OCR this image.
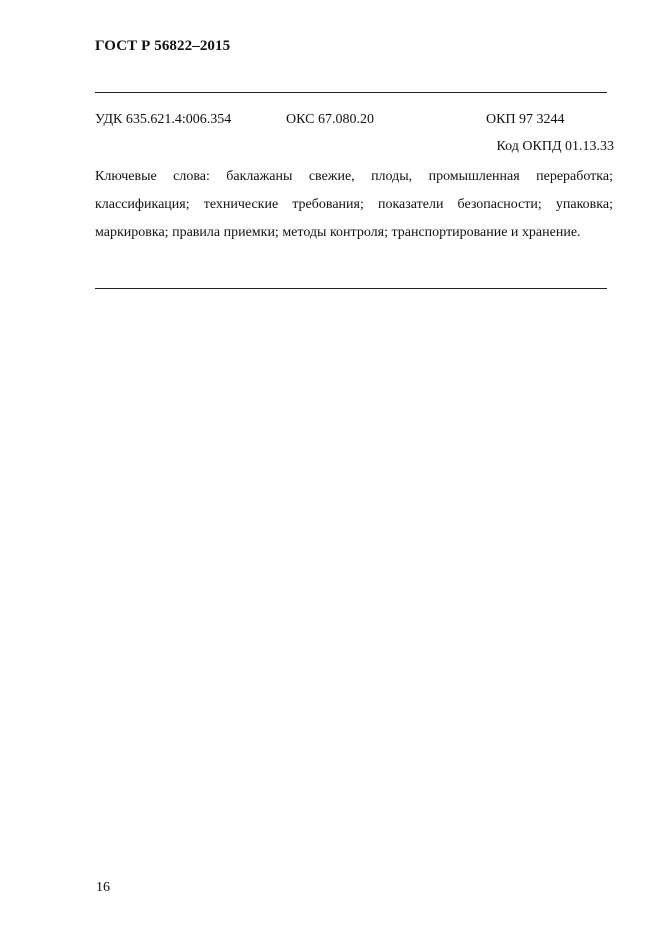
ГОСТ Р 56822–2015
УДК 635.621.4:006.354	ОКС 67.080.20	ОКП 97 3244
Код ОКПД 01.13.33

Ключевые слова: баклажаны свежие, плоды, промышленная переработка; классификация; технические требования; показатели безопасности; упаковка; маркировка; правила приемки; методы контроля; транспортирование и хранение.

16
